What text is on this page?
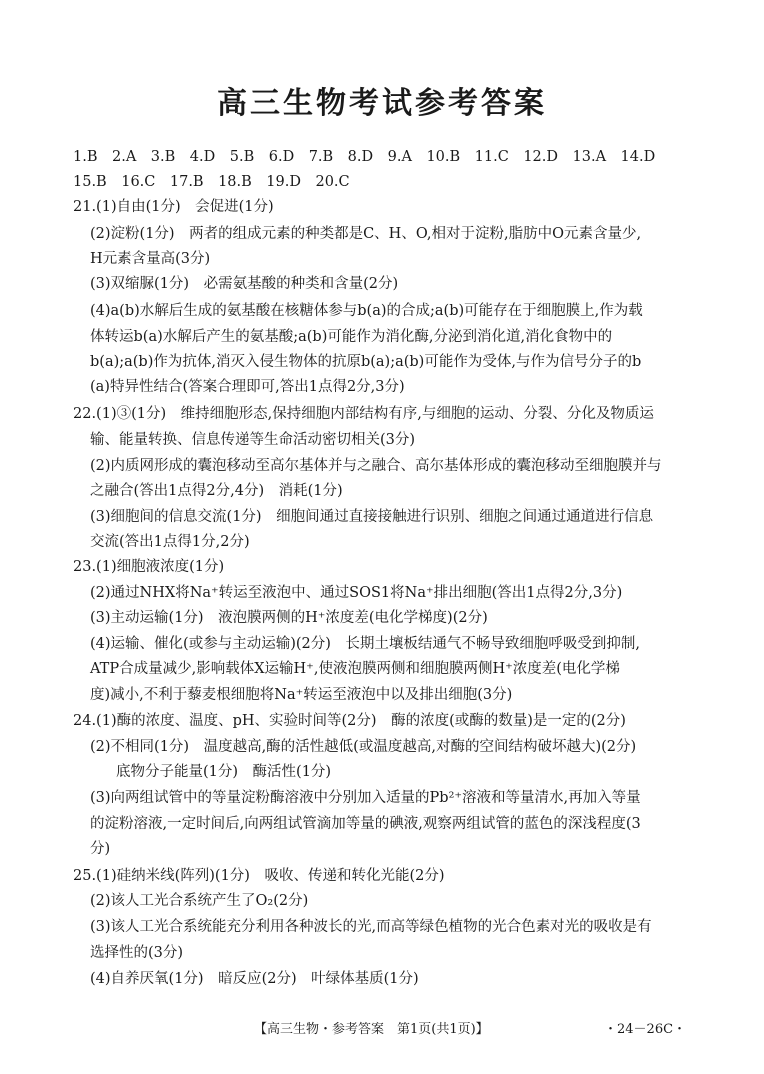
高三生物考试参考答案
1.B　2.A　3.B　4.D　5.B　6.D　7.B　8.D　9.A　10.B　11.C　12.D　13.A　14.D
15.B　16.C　17.B　18.B　19.D　20.C
21.(1)自由(1分)　会促进(1分)
(2)淀粉(1分)　两者的组成元素的种类都是C、H、O,相对于淀粉,脂肪中O元素含量少,
H元素含量高(3分)
(3)双缩脲(1分)　必需氨基酸的种类和含量(2分)
(4)a(b)水解后生成的氨基酸在核糖体参与b(a)的合成;a(b)可能存在于细胞膜上,作为载
体转运b(a)水解后产生的氨基酸;a(b)可能作为消化酶,分泌到消化道,消化食物中的
b(a);a(b)作为抗体,消灭入侵生物体的抗原b(a);a(b)可能作为受体,与作为信号分子的b
(a)特异性结合(答案合理即可,答出1点得2分,3分)
22.(1)③(1分)　维持细胞形态,保持细胞内部结构有序,与细胞的运动、分裂、分化及物质运
输、能量转换、信息传递等生命活动密切相关(3分)
(2)内质网形成的囊泡移动至高尔基体并与之融合、高尔基体形成的囊泡移动至细胞膜并与
之融合(答出1点得2分,4分)　消耗(1分)
(3)细胞间的信息交流(1分)　细胞间通过直接接触进行识别、细胞之间通过通道进行信息
交流(答出1点得1分,2分)
23.(1)细胞液浓度(1分)
(2)通过NHX将Na⁺转运至液泡中、通过SOS1将Na⁺排出细胞(答出1点得2分,3分)
(3)主动运输(1分)　液泡膜两侧的H⁺浓度差(电化学梯度)(2分)
(4)运输、催化(或参与主动运输)(2分)　长期土壤板结通气不畅导致细胞呼吸受到抑制,
ATP合成量减少,影响载体X运输H⁺,使液泡膜两侧和细胞膜两侧H⁺浓度差(电化学梯
度)减小,不利于藜麦根细胞将Na⁺转运至液泡中以及排出细胞(3分)
24.(1)酶的浓度、温度、pH、实验时间等(2分)　酶的浓度(或酶的数量)是一定的(2分)
(2)不相同(1分)　温度越高,酶的活性越低(或温度越高,对酶的空间结构破坏越大)(2分)
底物分子能量(1分)　酶活性(1分)
(3)向两组试管中的等量淀粉酶溶液中分别加入适量的Pb²⁺溶液和等量清水,再加入等量
的淀粉溶液,一定时间后,向两组试管滴加等量的碘液,观察两组试管的蓝色的深浅程度(3
分)
25.(1)硅纳米线(阵列)(1分)　吸收、传递和转化光能(2分)
(2)该人工光合系统产生了O₂(2分)
(3)该人工光合系统能充分利用各种波长的光,而高等绿色植物的光合色素对光的吸收是有
选择性的(3分)
(4)自养厌氧(1分)　暗反应(2分)　叶绿体基质(1分)
【高三生物・参考答案　第1页(共1页)】	・24－26C・
